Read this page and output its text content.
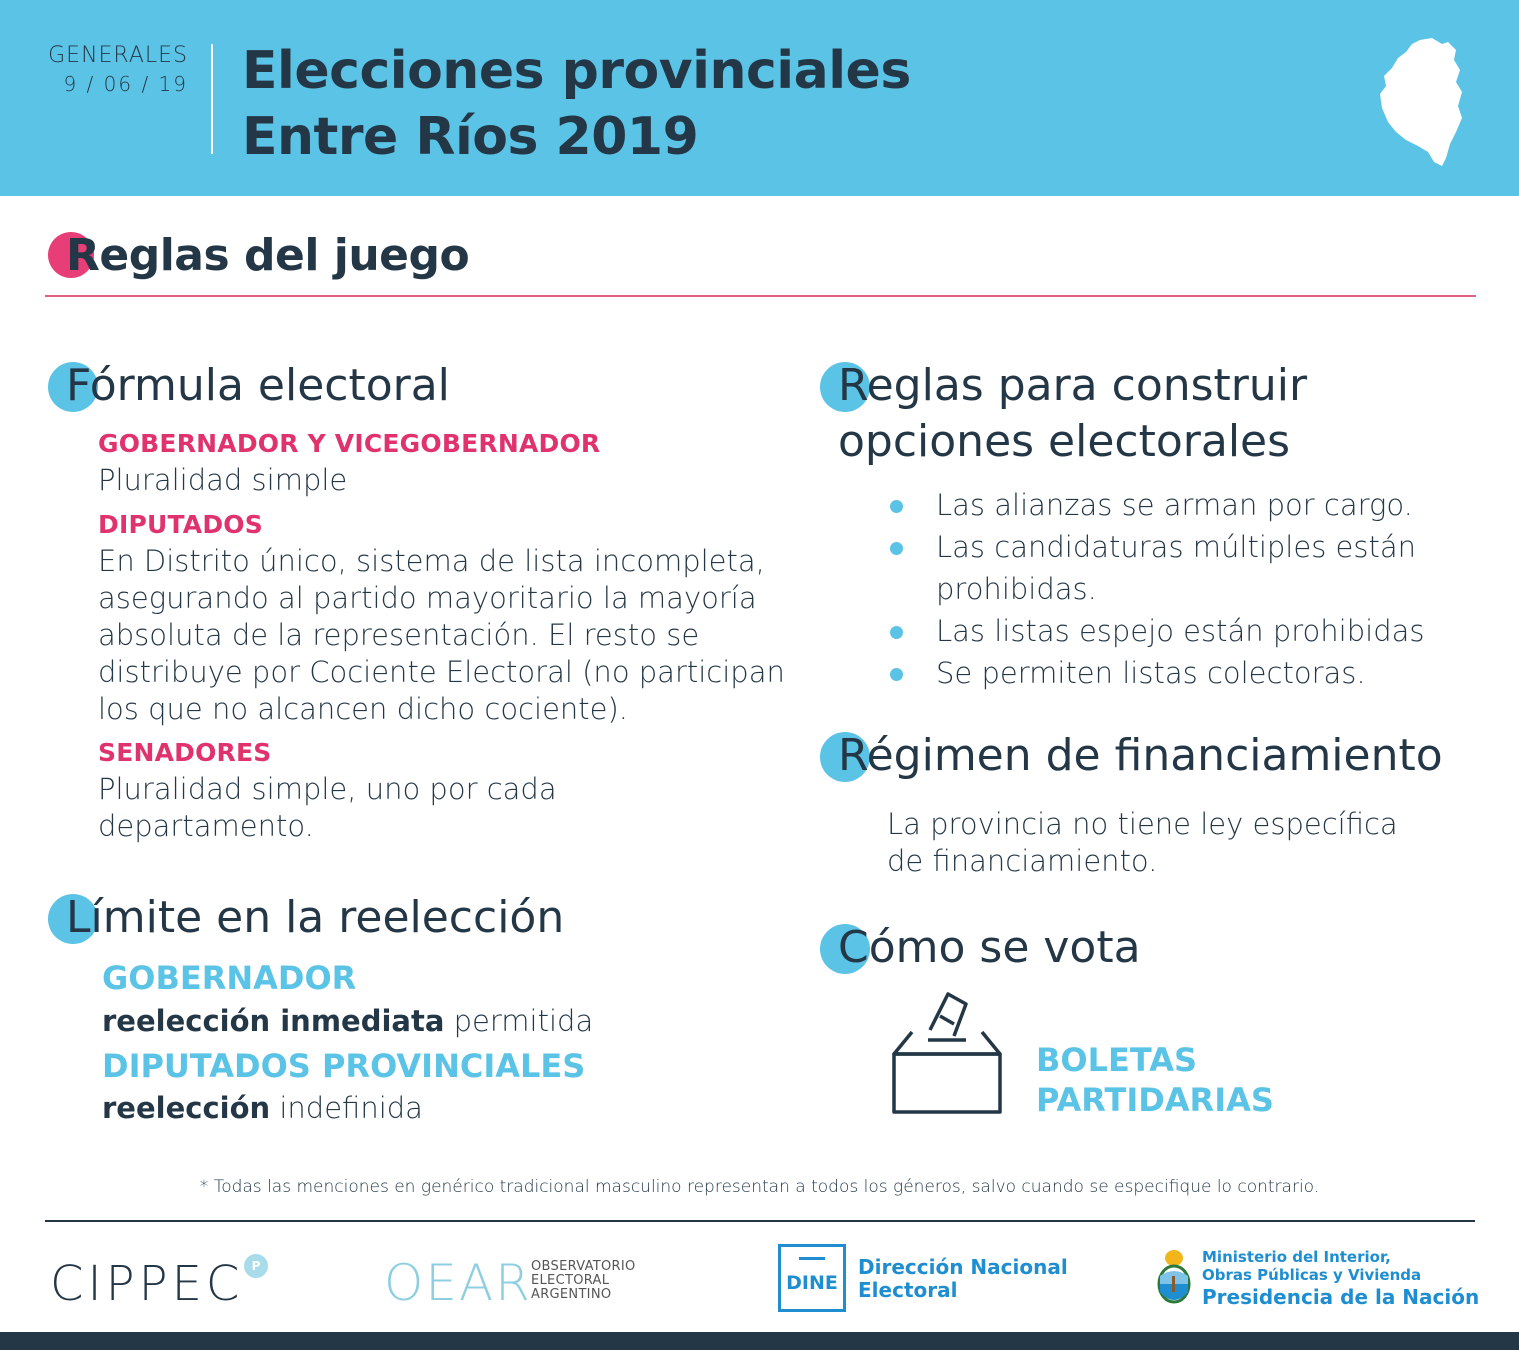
GENERALES
9 / 06 / 19 Elecciones provinciales
Entre Ríos 2019
Reglas del juego
Fórmula electoral
GOBERNADOR Y VICEGOBERNADOR
Pluralidad simple
DIPUTADOS
En Distrito único, sistema de lista incompleta,
asegurando al partido mayoritario la mayoría
absoluta de la representación. El resto se
distribuye por Cociente Electoral (no participan
los que no alcancen dicho cociente).
SENADORES
Pluralidad simple, uno por cada
departamento.
Límite en la reelección
GOBERNADOR
reelección inmediata permitida
DIPUTADOS PROVINCIALES
reelección indefinida
Reglas para construir
opciones electorales
Las alianzas se arman por cargo.
Las candidaturas múltiples están prohibidas.
Las listas espejo están prohibidas
Se permiten listas colectoras.
Régimen de financiamiento
La provincia no tiene ley específica
de financiamiento.
Cómo se vota
BOLETAS
PARTIDARIAS
* Todas las menciones en genérico tradicional masculino representan a todos los géneros, salvo cuando se especifique lo contrario.
CIPPEC P OEAR OBSERVATORIO
ELECTORAL
ARGENTINO
DINE
Dirección Nacional
Electoral
Ministerio del Interior,
Obras Públicas y Vivienda
Presidencia de la Nación
